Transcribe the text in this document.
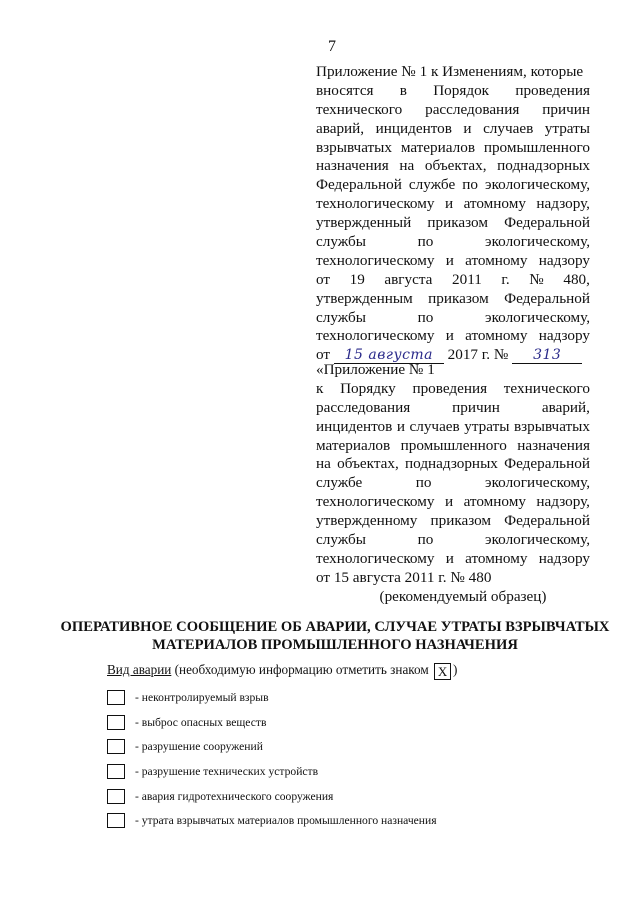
7
Приложение № 1 к Изменениям, которые
вносятся в Порядок проведения
технического расследования причин
аварий, инцидентов и случаев утраты
взрывчатых материалов промышленного
назначения на объектах, поднадзорных
Федеральной службе по экологическому,
технологическому и атомному надзору,
утвержденный приказом Федеральной
службы	по	экологическому,
технологическому и атомному надзору
от 19 августа 2011 г. № 480,
утвержденным приказом Федеральной
службы	по	экологическому,
технологическому и атомному надзору
от 15 августа 2017 г. № 313
«Приложение № 1
к Порядку проведения технического
расследования	причин	аварий,
инцидентов и случаев утраты взрывчатых
материалов промышленного назначения
на объектах, поднадзорных Федеральной
службе	по	экологическому,
технологическому и атомному надзору,
утвержденному приказом Федеральной
службы	по	экологическому,
технологическому и атомному надзору
от 15 августа 2011 г. № 480
(рекомендуемый образец)
ОПЕРАТИВНОЕ СООБЩЕНИЕ ОБ АВАРИИ, СЛУЧАЕ УТРАТЫ ВЗРЫВЧАТЫХ
МАТЕРИАЛОВ ПРОМЫШЛЕННОГО НАЗНАЧЕНИЯ
Вид аварии (необходимую информацию отметить знаком X )
- неконтролируемый взрыв
- выброс опасных веществ
- разрушение сооружений
- разрушение технических устройств
- авария гидротехнического сооружения
- утрата взрывчатых материалов промышленного назначения
